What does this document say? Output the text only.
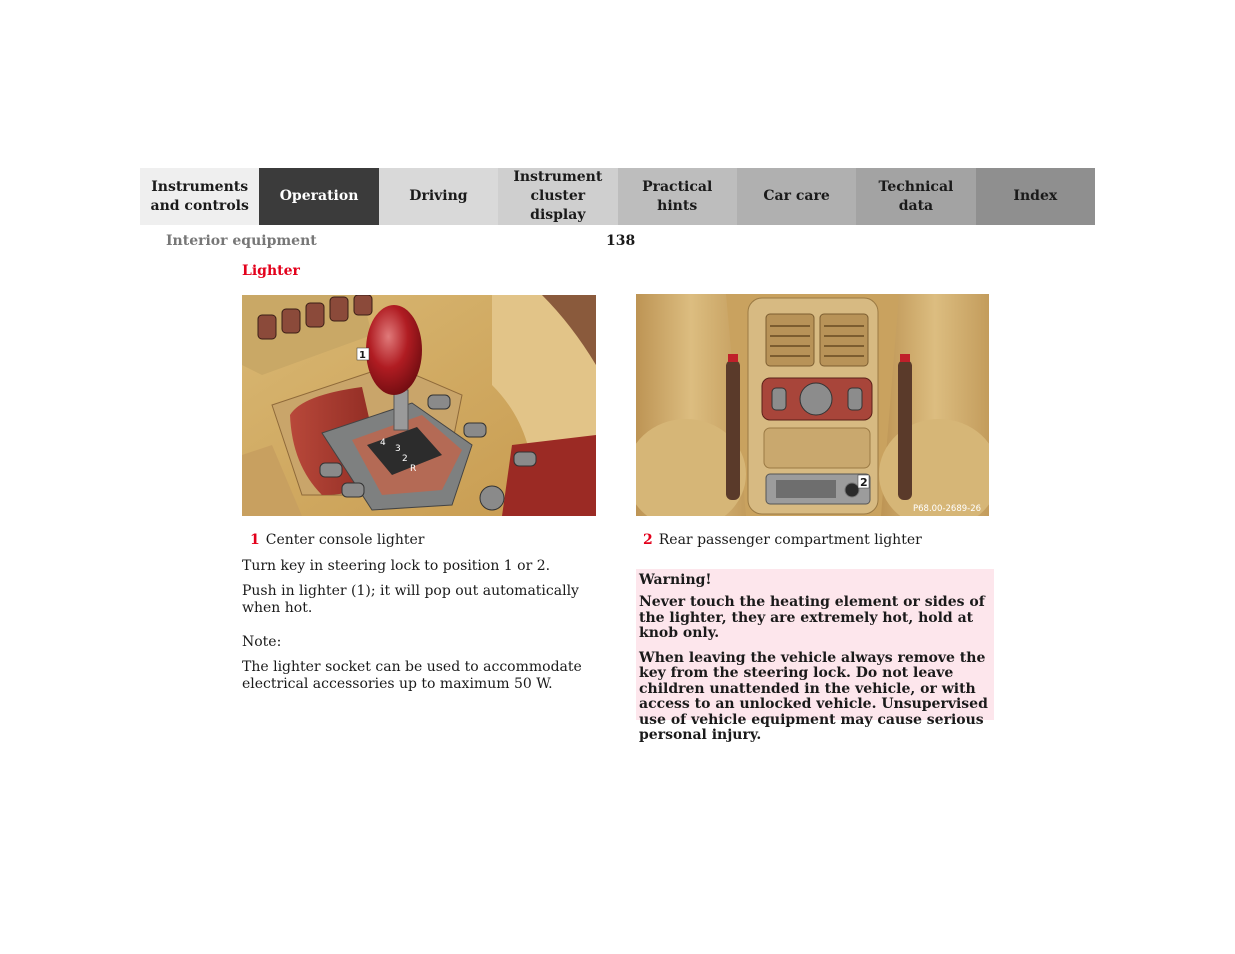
Instruments and controls
Operation	Driving
Instrument cluster display
Practical hints
Car care
Technical data
Index
Interior equipment	138
Lighter
4
3
2
R
1
2
P68.00-2689-26
1 Center console lighter	2 Rear passenger compartment lighter
Turn key in steering lock to position 1 or 2.
Push in lighter (1); it will pop out automatically when hot.
Note:
The lighter socket can be used to accommodate electrical accessories up to maximum 50 W.

Warning!

Never touch the heating element or sides of the lighter, they are extremely hot, hold at knob only.

When leaving the vehicle always remove the key from the steering lock. Do not leave children unattended in the vehicle, or with access to an unlocked vehicle. Unsupervised use of vehicle equipment may cause serious personal injury.
